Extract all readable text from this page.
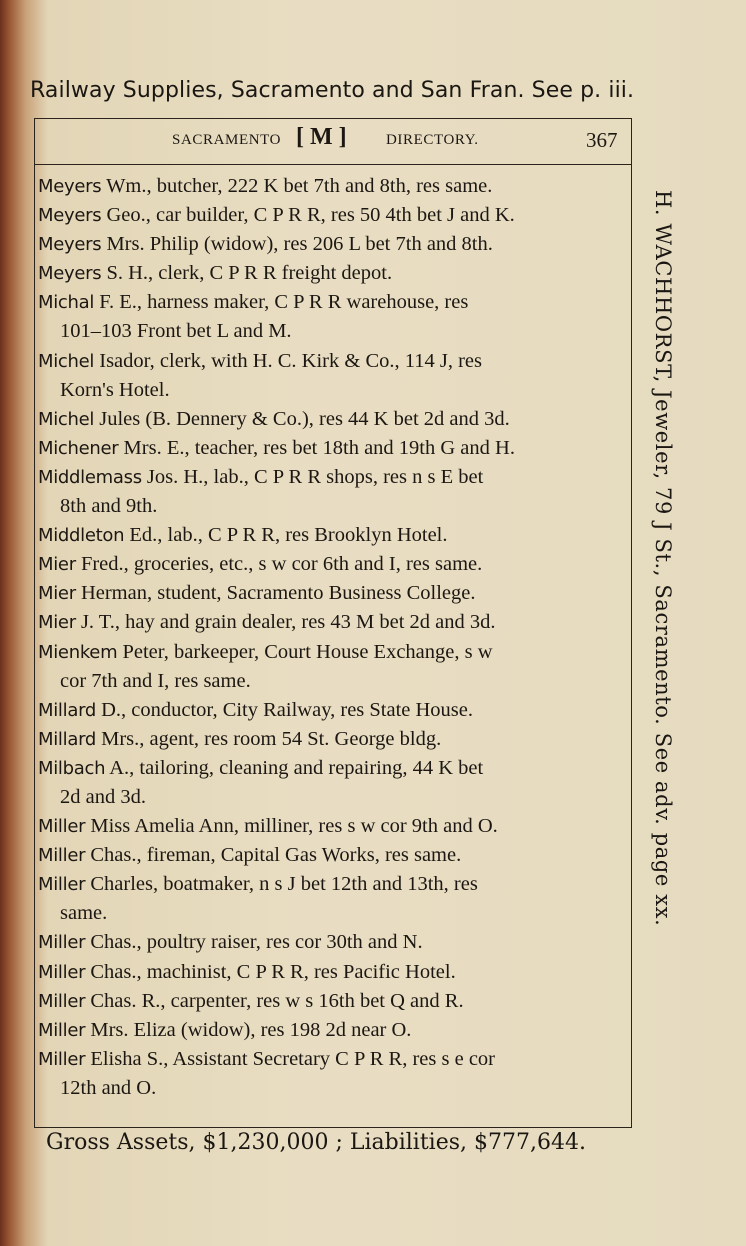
Railway Supplies, Sacramento and San Fran. See p. iii.
SACRAMENTO [ M ]	DIRECTORY.	367

Meyers Wm., butcher, 222 K bet 7th and 8th, res same.

Meyers Geo., car builder, C P R R, res 50 4th bet J and K.

Meyers Mrs. Philip (widow), res 206 L bet 7th and 8th.

Meyers S. H., clerk, C P R R freight depot.

Michal F. E., harness maker, C P R R warehouse, res
101–103 Front bet L and M.

Michel Isador, clerk, with H. C. Kirk & Co., 114 J, res
Korn's Hotel.

Michel Jules (B. Dennery & Co.), res 44 K bet 2d and 3d.

Michener Mrs. E., teacher, res bet 18th and 19th G and H.

Middlemass Jos. H., lab., C P R R shops, res n s E bet
8th and 9th.

Middleton Ed., lab., C P R R, res Brooklyn Hotel.

Mier Fred., groceries, etc., s w cor 6th and I, res same.

Mier Herman, student, Sacramento Business College.

Mier J. T., hay and grain dealer, res 43 M bet 2d and 3d.

Mienkem Peter, barkeeper, Court House Exchange, s w
cor 7th and I, res same.

Millard D., conductor, City Railway, res State House.

Millard Mrs., agent, res room 54 St. George bldg.

Milbach A., tailoring, cleaning and repairing, 44 K bet
2d and 3d.

Miller Miss Amelia Ann, milliner, res s w cor 9th and O.

Miller Chas., fireman, Capital Gas Works, res same.

Miller Charles, boatmaker, n s J bet 12th and 13th, res
same.

Miller Chas., poultry raiser, res cor 30th and N.

Miller Chas., machinist, C P R R, res Pacific Hotel.

Miller Chas. R., carpenter, res w s 16th bet Q and R.

Miller Mrs. Eliza (widow), res 198 2d near O.

Miller Elisha S., Assistant Secretary C P R R, res s e cor
12th and O.

H. WACHHORST, Jeweler, 79 J St., Sacramento. See adv. page xx.
Gross Assets, $1,230,000 ; Liabilities, $777,644.
